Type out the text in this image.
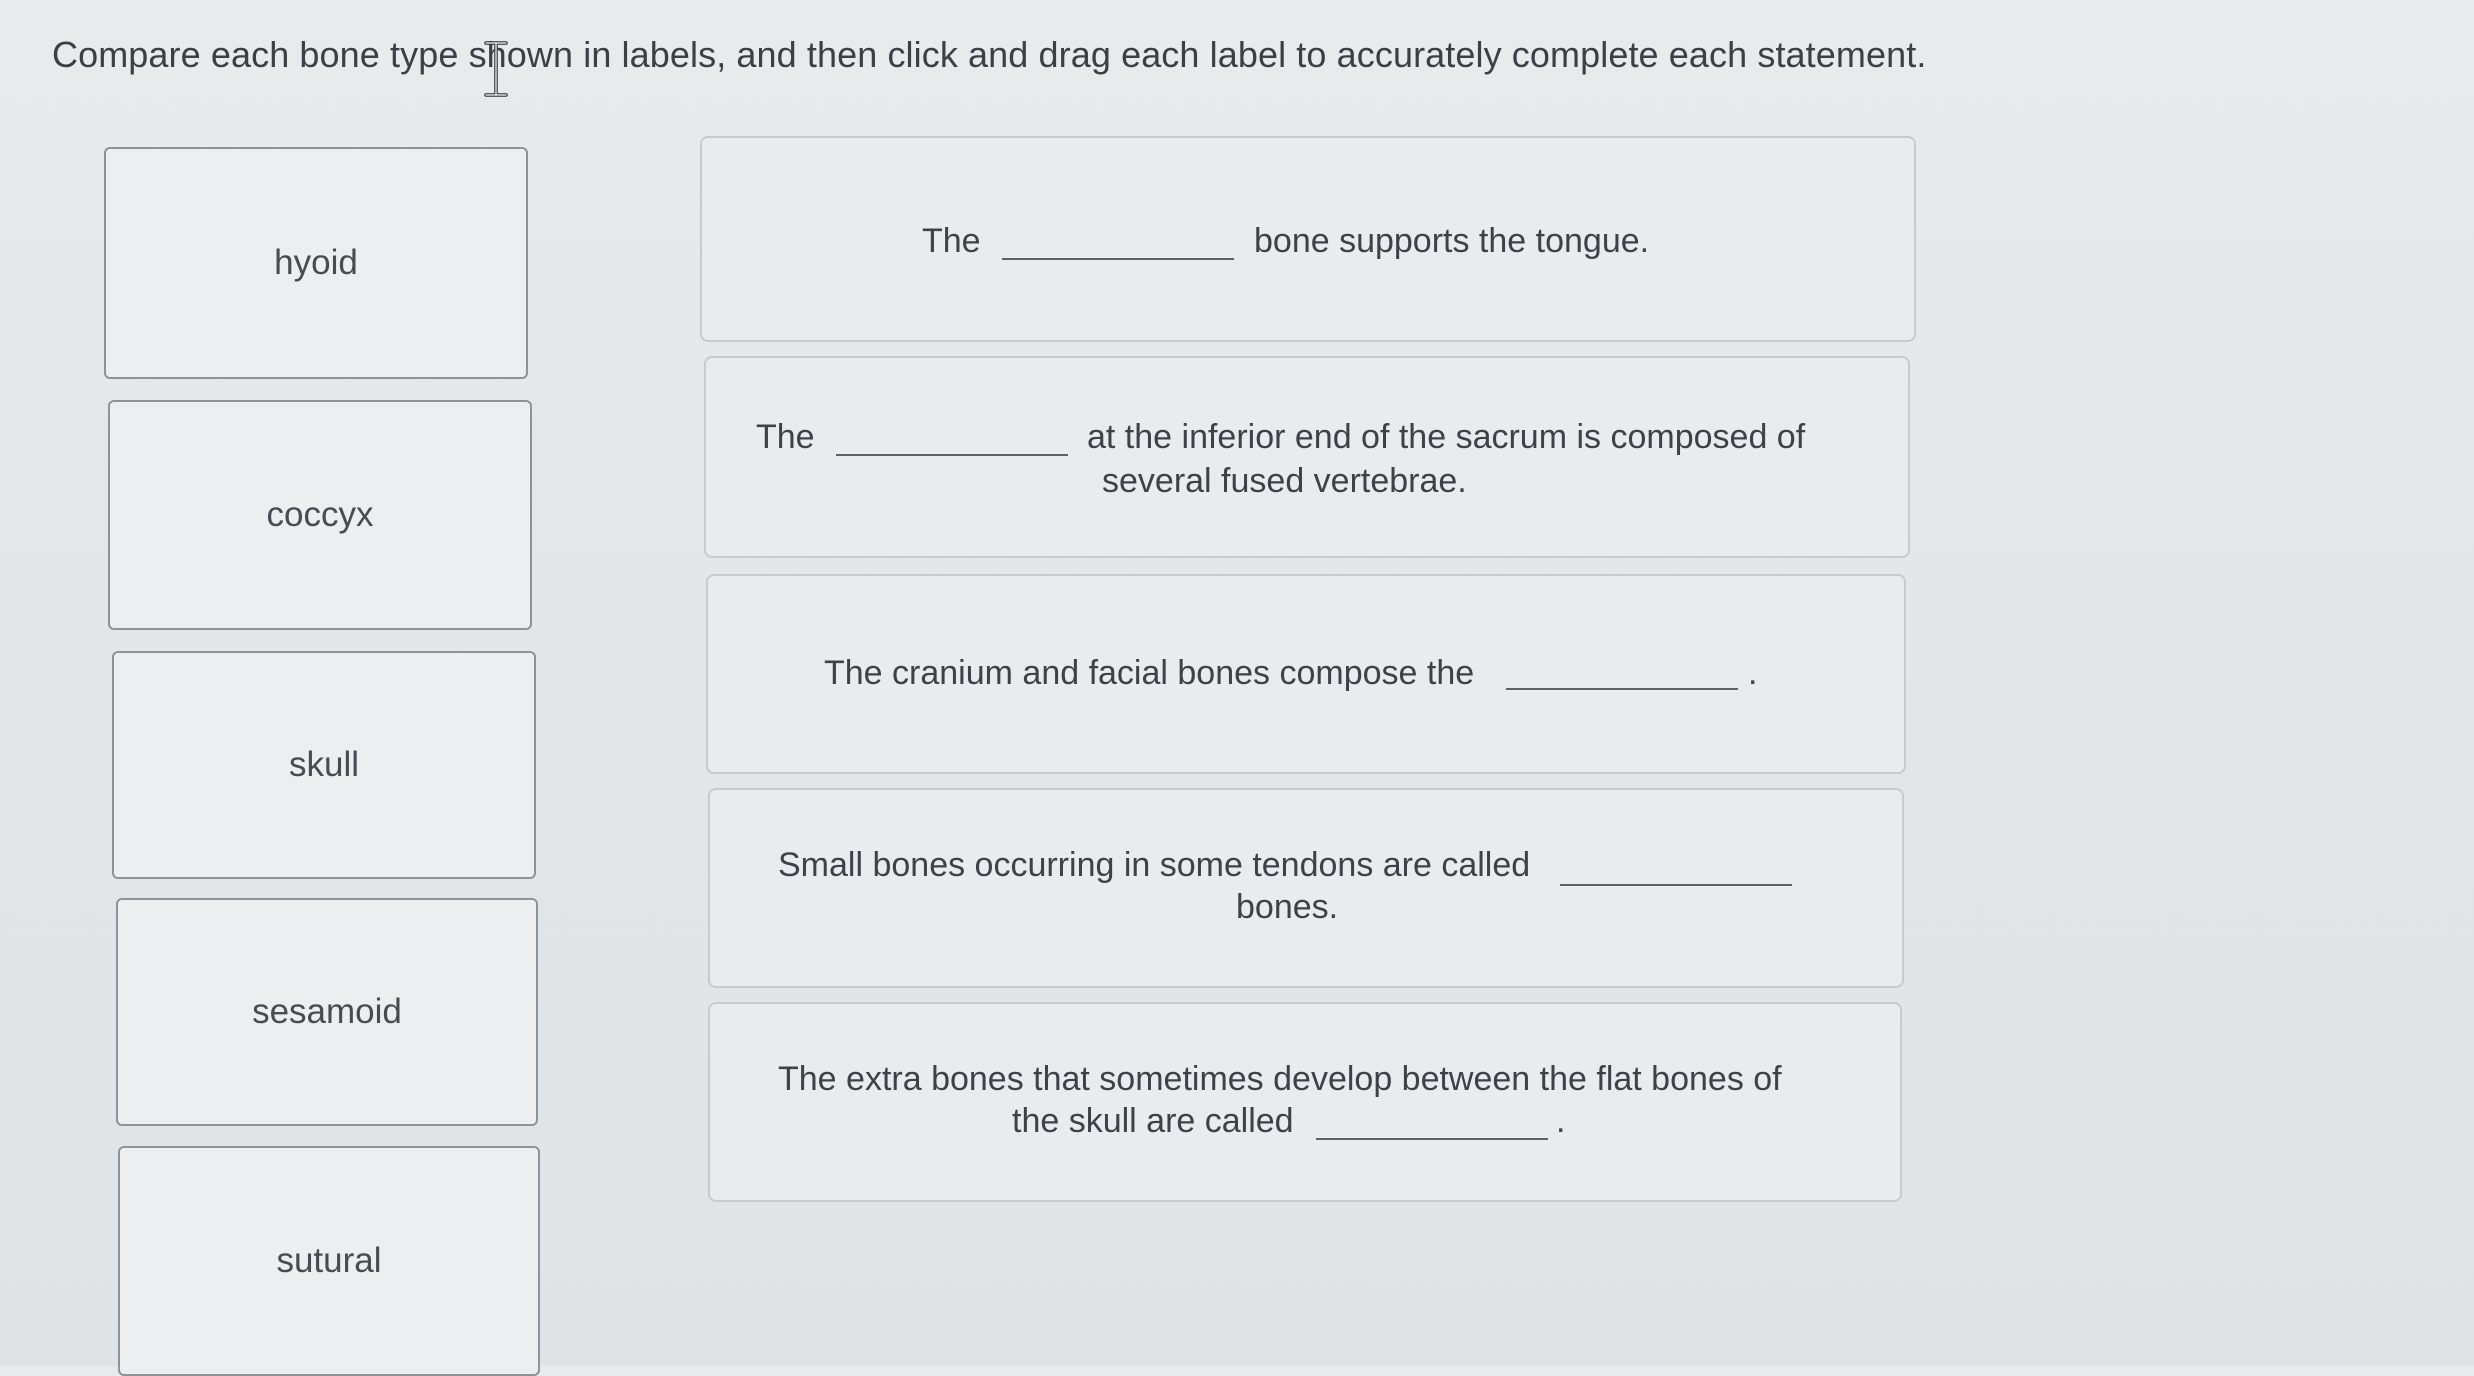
Compare each bone type shown in labels, and then click and drag each label to accurately complete each statement.
hyoid
coccyx
skull
sesamoid
sutural
The	bone supports the tongue.
The	at the inferior end of the sacrum is composed of
several fused vertebrae.
The cranium and facial bones compose the	.
Small bones occurring in some tendons are called
bones.
The extra bones that sometimes develop between the flat bones of
the skull are called	.
